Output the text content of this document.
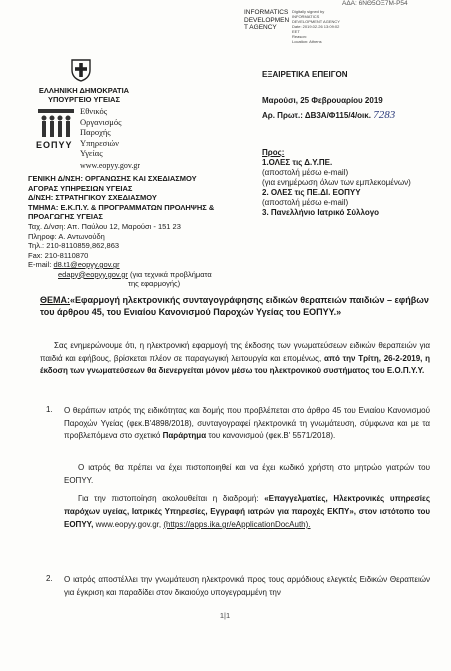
ΑΔΑ: 6ΝΘ5ΟΞ7Μ-Ρ54
INFORMATICS
DEVELOPMEN
T AGENCY
Digitally signed by
INFORMATICS
DEVELOPMENT AGENCY
Date: 2019.02.26 13:09:02
EET
Reason:
Location: Athens
ΕΛΛΗΝΙΚΗ ΔΗΜΟΚΡΑΤΙΑ
ΥΠΟΥΡΓΕΙΟ ΥΓΕΙΑΣ
ΕΟΠΥΥ
Εθνικός
Οργανισμός
Παροχής
Υπηρεσιών
Υγείας
www.eopyy.gov.gr
ΕΞΑΙΡΕΤΙΚΑ ΕΠΕΙΓΟΝ
Μαρούσι, 25 Φεβρουαρίου 2019
Αρ. Πρωτ.: ΔΒ3Α/Φ115/4/οικ. 7283
ΓΕΝΙΚΗ Δ/ΝΣΗ: ΟΡΓΑΝΩΣΗΣ ΚΑΙ ΣΧΕΔΙΑΣΜΟΥ
ΑΓΟΡΑΣ ΥΠΗΡΕΣΙΩΝ ΥΓΕΙΑΣ
Δ/ΝΣΗ: ΣΤΡΑΤΗΓΙΚΟΥ ΣΧΕΔΙΑΣΜΟΥ
ΤΜΗΜΑ: Ε.Κ.Π.Υ. & ΠΡΟΓΡΑΜΜΑΤΩΝ ΠΡΟΛΗΨΗΣ &
ΠΡΟΑΓΩΓΗΣ ΥΓΕΙΑΣ
Ταχ. Δ/νση: Απ. Παύλου 12, Μαρούσι - 151 23
Πληροφ: Α. Αντωνούδη
Τηλ.: 210-8110859,862,863
Fax: 210-8110870
E-mail: d8.t1@eopyy.gov.gr
edapy@eopyy.gov.gr (για τεχνικά προβλήματα
της εφαρμογής)
Προς:
1.ΟΛΕΣ τις Δ.Υ.ΠΕ.
(αποστολή μέσω e-mail)
(για ενημέρωση όλων των εμπλεκομένων)
2. ΟΛΕΣ τις ΠΕ.ΔΙ. ΕΟΠΥΥ
(αποστολή μέσω e-mail)
3. Πανελλήνιο Ιατρικό Σύλλογο
ΘΕΜΑ:«Εφαρμογή ηλεκτρονικής συνταγογράφησης ειδικών θεραπειών παιδιών – εφήβων του άρθρου 45, του Ενιαίου Κανονισμού Παροχών Υγείας του ΕΟΠΥΥ.»
Σας ενημερώνουμε ότι, η ηλεκτρονική εφαρμογή της έκδοσης των γνωματεύσεων ειδικών θεραπειών για παιδιά και εφήβους, βρίσκεται πλέον σε παραγωγική λειτουργία και επομένως, από την Τρίτη, 26-2-2019, η έκδοση των γνωματεύσεων θα διενεργείται μόνον μέσω του ηλεκτρονικού συστήματος του Ε.Ο.Π.Υ.Υ.
1. Ο θεράπων ιατρός της ειδικότητας και δομής που προβλέπεται στο άρθρο 45 του Ενιαίου Κανονισμού Παροχών Υγείας (φεκ.Β'4898/2018), συνταγογραφεί ηλεκτρονικά τη γνωμάτευση, σύμφωνα και με τα προβλεπόμενα στο σχετικό Παράρτημα του κανονισμού (φεκ.Β' 5571/2018).
Ο ιατρός θα πρέπει να έχει πιστοποιηθεί και να έχει κωδικό χρήστη στο μητρώο γιατρών του ΕΟΠΥΥ.
Για την πιστοποίηση ακολουθείται η διαδρομή: «Επαγγελματίες, Ηλεκτρονικές υπηρεσίες παρόχων υγείας, Ιατρικές Υπηρεσίες, Εγγραφή ιατρών για παροχές ΕΚΠΥ», στον ιστότοπο του ΕΟΠΥΥ, www.eopyy.gov.gr, (https://apps.ika.gr/eApplicationDocAuth).
2. Ο ιατρός αποστέλλει την γνωμάτευση ηλεκτρονικά προς τους αρμόδιους ελεγκτές Ειδικών Θεραπειών για έγκριση και παραδίδει στον δικαιούχο υπογεγραμμένη την
1|1
